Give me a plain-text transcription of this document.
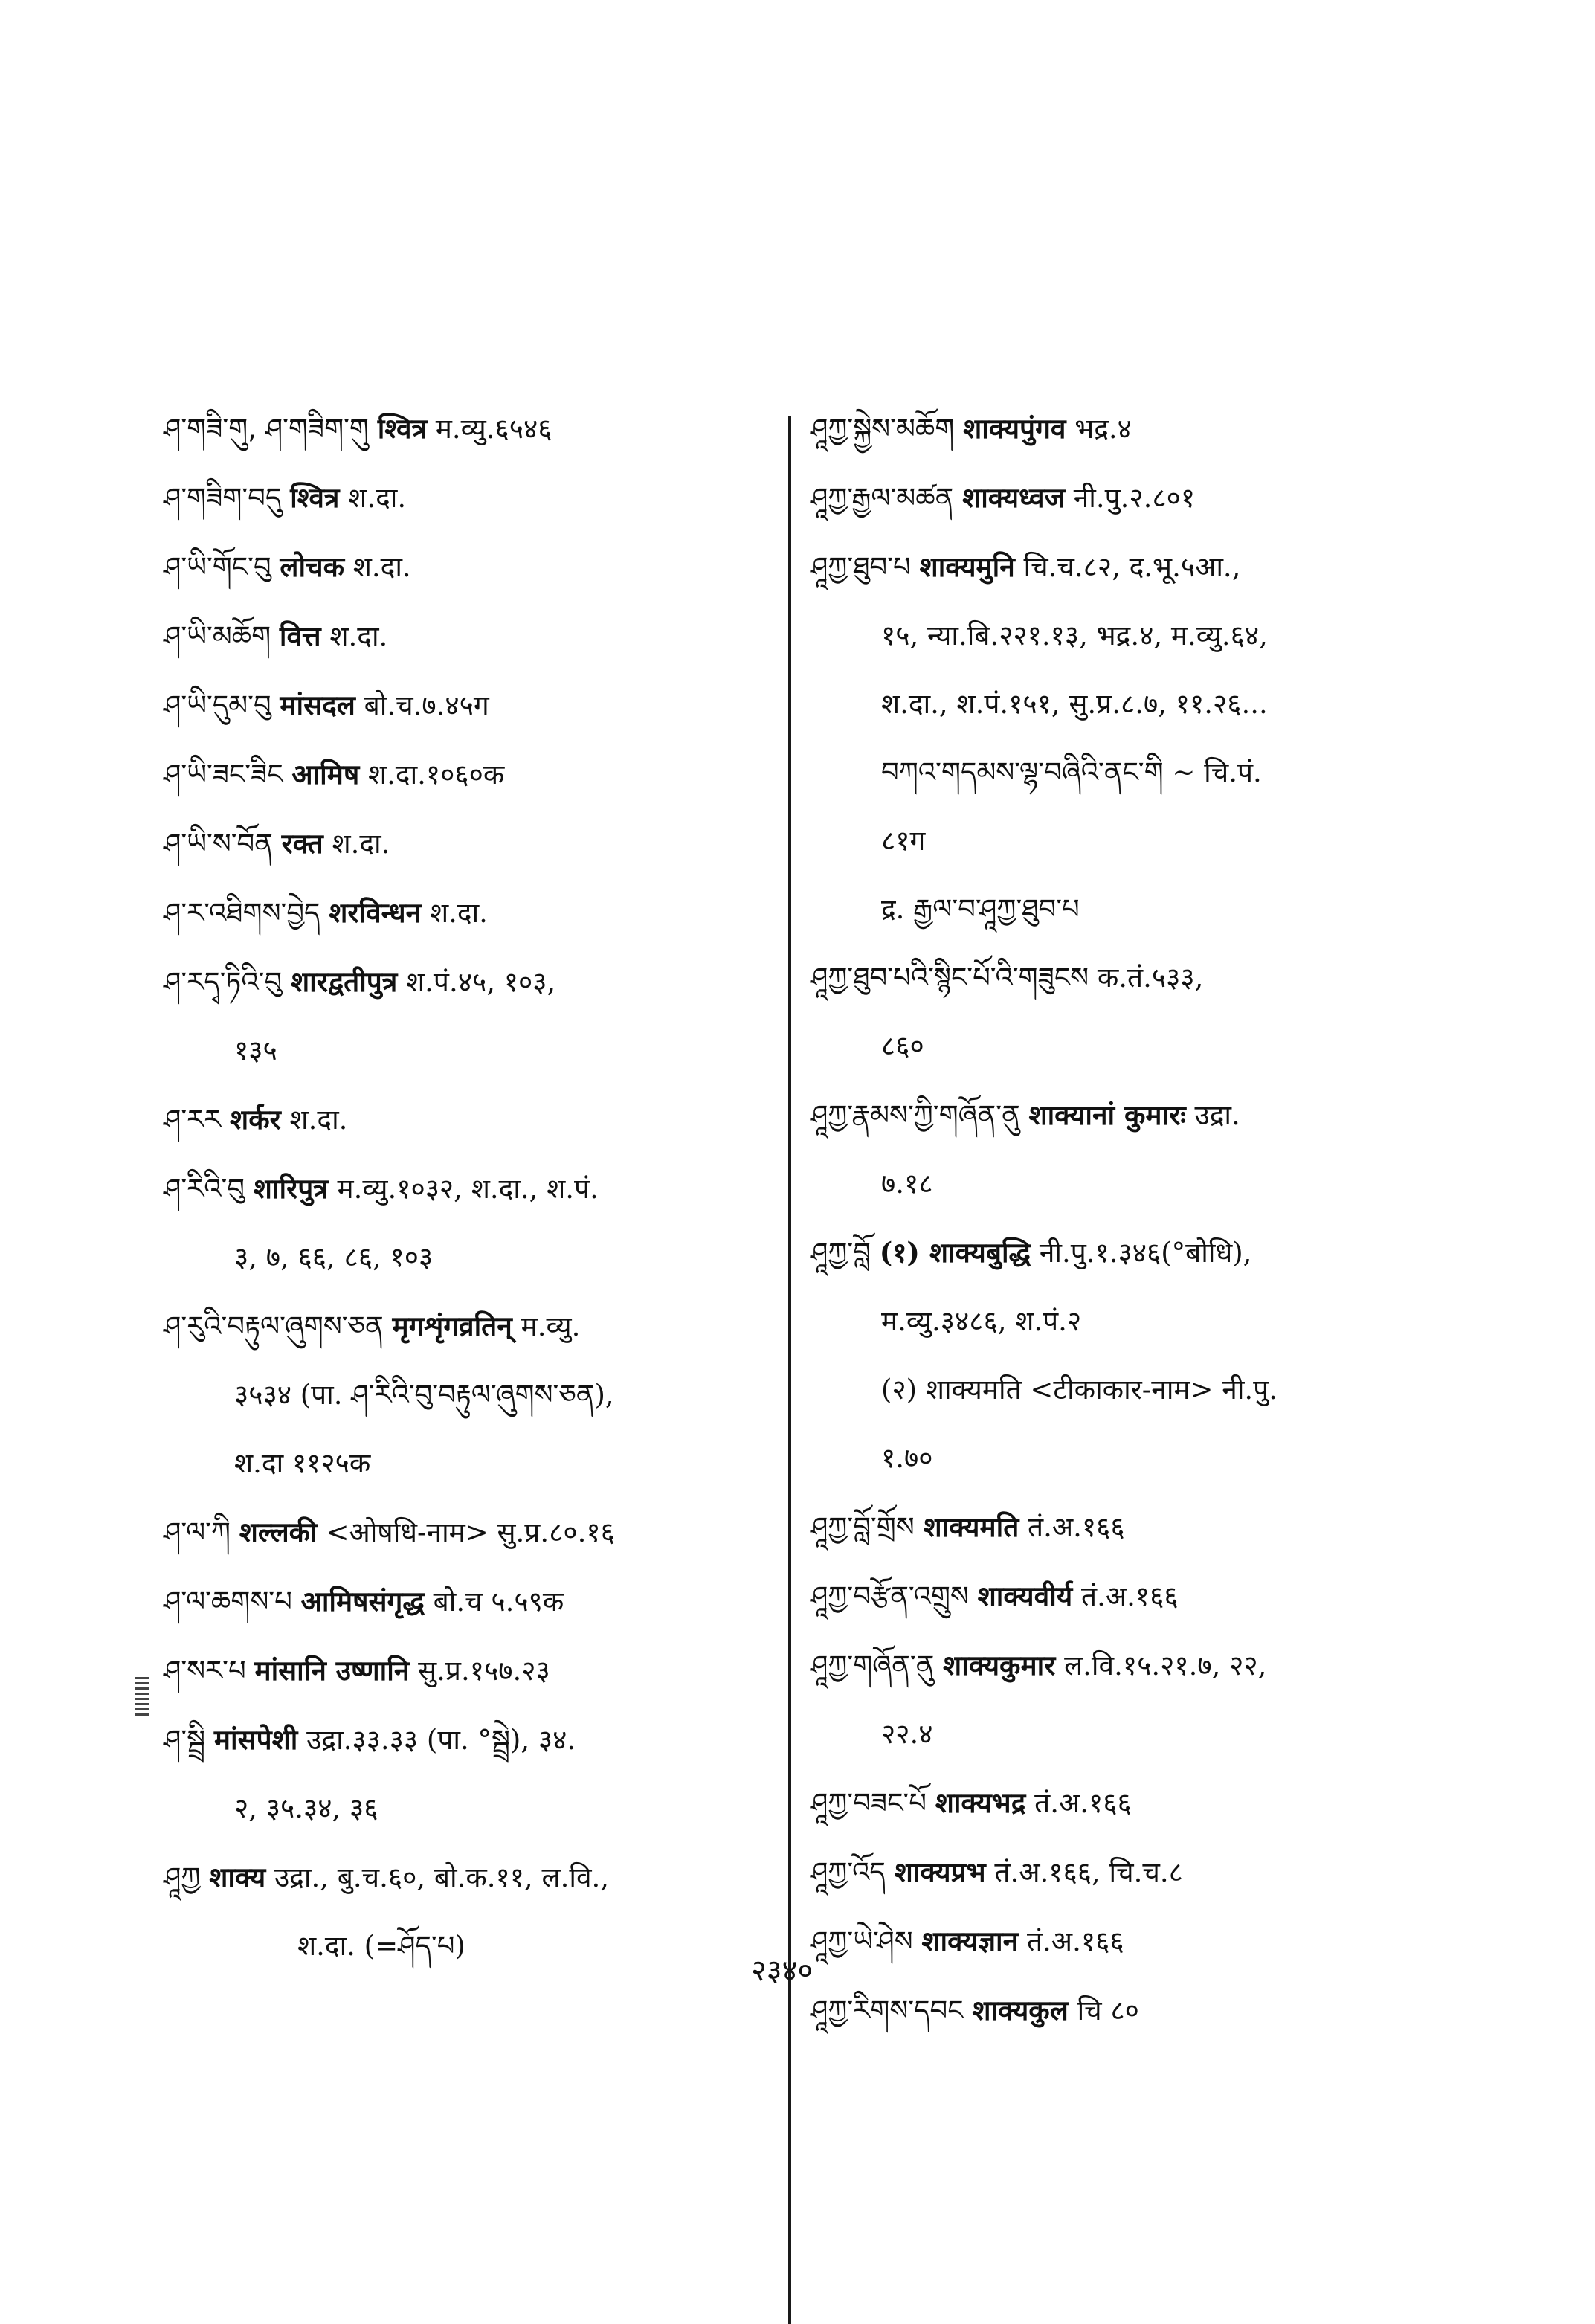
ཤ་གཟི་གུ, ཤ་གཟིག་གུ श्वित्र म.व्यु.६५४६
ཤ་གཟིག་བདུ श्वित्र श.दा.
ཤ་ཡི་གོང་བུ लोचक श.दा.
ཤ་ཡི་མཆོག वित्त श.दा.
ཤ་ཡི་དུམ་བུ मांसदल बो.च.७.४५ग
ཤ་ཡི་ཟང་ཟིང आमिष श.दा.१०६०क
ཤ་ཡི་ས་བོན रक्त श.दा.
ཤ་ར་འཐིགས་བྱེད शरविन्धन श.दा.
ཤ་རདྭ་ཏིའི་བུ शारद्वतीपुत्र श.पं.४५, १०३,
१३५
ཤ་རར शर्कर श.दा.
ཤ་རིའི་བུ शारिपुत्र म.व्यु.१०३२, श.दा., श.पं.
३, ७, ६६, ८६, १०३
ཤ་རུའི་བརྟུལ་ཞུགས་ཅན मृगशृंगव्रतिन् म.व्यु.
३५३४ (पा. ཤ་རིའི་བུ་བརྟུལ་ཞུགས་ཅན),
श.दा ११२५क
ཤ་ལ་ཀི शल्लकी <ओषधि-नाम> सु.प्र.८०.१६
ཤ་ལ་ཆགས་པ आमिषसंगृद्ध बो.च ५.५९क
ཤ་སར་པ मांसानि उष्णानि सु.प्र.१५७.२३
ཤ་སྦྲི मांसपेशी उद्रा.३३.३३ (पा. °སྦྲེ), ३४.
२, ३५.३४, ३६
ཤཱཀྱ शाक्य उद्रा., बु.च.६०, बो.क.११, ल.वि.,
श.दा. (=ཤོད་པ)
ཤཱཀྱ་སྐྱེས་མཆོག शाक्यपुंगव भद्र.४
ཤཱཀྱ་རྒྱལ་མཚན शाक्यध्वज नी.पु.२.८०१
ཤཱཀྱ་ཐུབ་པ शाक्यमुनि चि.च.८२, द.भू.५आ.,
१५, न्या.बि.२२१.१३, भद्र.४, म.व्यु.६४,
श.दा., श.पं.१५१, सु.प्र.८.७, ११.२६...
བཀའ་གདམས་ལྷ་བཞིའི་ནང་གི ~ चि.पं.
८१ग
द्र. རྒྱལ་བ་ཤཱཀྱ་ཐུབ་པ
ཤཱཀྱ་ཐུབ་པའི་སྙིང་པོ་འི་གཟུངས क.तं.५३३,
८६०
ཤཱཀྱ་རྣམས་ཀྱི་གཞོན་ནུ शाक्यानां कुमारः उद्रा.
७.१८
ཤཱཀྱ་བློ (१) शाक्यबुद्धि नी.पु.१.३४६(°बोधि),
म.व्यु.३४८६, श.पं.२
(२) शाक्यमति <टीकाकार-नाम> नी.पु.
१.७०
ཤཱཀྱ་བློ་གྲོས शाक्यमति तं.अ.१६६
ཤཱཀྱ་བརྩོན་འགྲུས शाक्यवीर्य तं.अ.१६६
ཤཱཀྱ་གཞོན་ནུ शाक्यकुमार ल.वि.१५.२१.७, २२,
२२.४
ཤཱཀྱ་བཟང་པོ शाक्यभद्र तं.अ.१६६
ཤཱཀྱ་འོད शाक्यप्रभ तं.अ.१६६, चि.च.८
ཤཱཀྱ་ཡེ་ཤེས शाक्यज्ञान तं.अ.१६६
ཤཱཀྱ་རིགས་དབང शाक्यकुल चि ८०
२३४०
